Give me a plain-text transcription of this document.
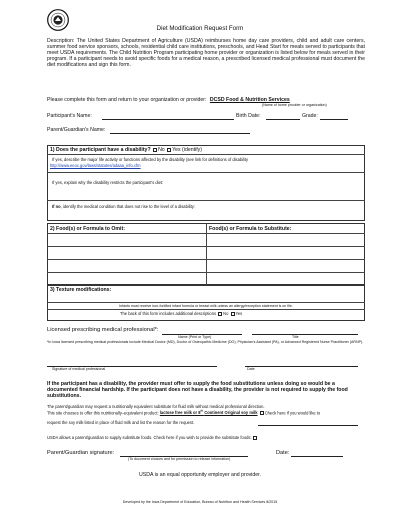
Diet Modification Request Form
Description: The United States Department of Agriculture (USDA) reimburses home day care providers, child and adult care centers, summer food service sponsors, schools, residential child care institutions, preschools, and Head Start for meals served to participants that meet USDA requirements. The Child Nutrition Program participating home provider or organization is listed below for meals served in their program. If a participant needs to avoid specific foods for a medical reason, a prescribed licensed medical professional must document the diet modifications and sign this form.
Please complete this form and return to your organization or provider: DCSD Food & Nutrition Services
(Name of home provider or organization)
Participant's Name:	Birth Date:	Grade:
Parent/Guardian's Name:
1) Does the participant have a disability? No Yes (identify)
If yes, describe the major life activity or functions affected by the disability (see link for definitions of disability
http://www.eeoc.gov/laws/statutes/adaaa_info.cfm
If yes, explain why the disability restricts the participant's diet:
If no, identify the medical condition that does not rise to the level of a disability:
2) Food(s) or Formula to Omit:	Food(s) or Formula to Substitute:
3) Texture modifications:
Infants must receive iron-fortified infant formula or breast milk unless an allergy/exception statement is on file.
The back of this form includes additional descriptions No Yes
Licensed prescribing medical professional*:
Name (Print or Type)	Title
*In Iowa licensed prescribing medical professionals include Medical Doctor (MD), Doctor of Osteopathic Medicine (DO), Physician's Assistant (PA), or Advanced Registered Nurse Practitioner (ARNP).
Signature of medical professional	Date
If the participant has a disability, the provider must offer to supply the food substitutions unless doing so would be a documented financial hardship. If the participant does not have a disability, the provider is not required to supply the food substitutions.
The parent/guardian may request a nutritionally equivalent substitute for fluid milk without medical professional direction.
This site chooses to offer this nutritionally–equivalent product: lactose free milk or 8th Continent Original soy milk Check here if you would like to
request the soy milk listed in place of fluid milk and list the reason for the request.
USDA allows a parent/guardian to supply substitute foods. Check here if you wish to provide the substitute foods:
Parent/Guardian signature:	Date:
(To document choices and for permission to release information)
USDA is an equal opportunity employer and provider.
Developed by the Iowa Department of Education, Bureau of Nutrition and Health Services 8/2015
